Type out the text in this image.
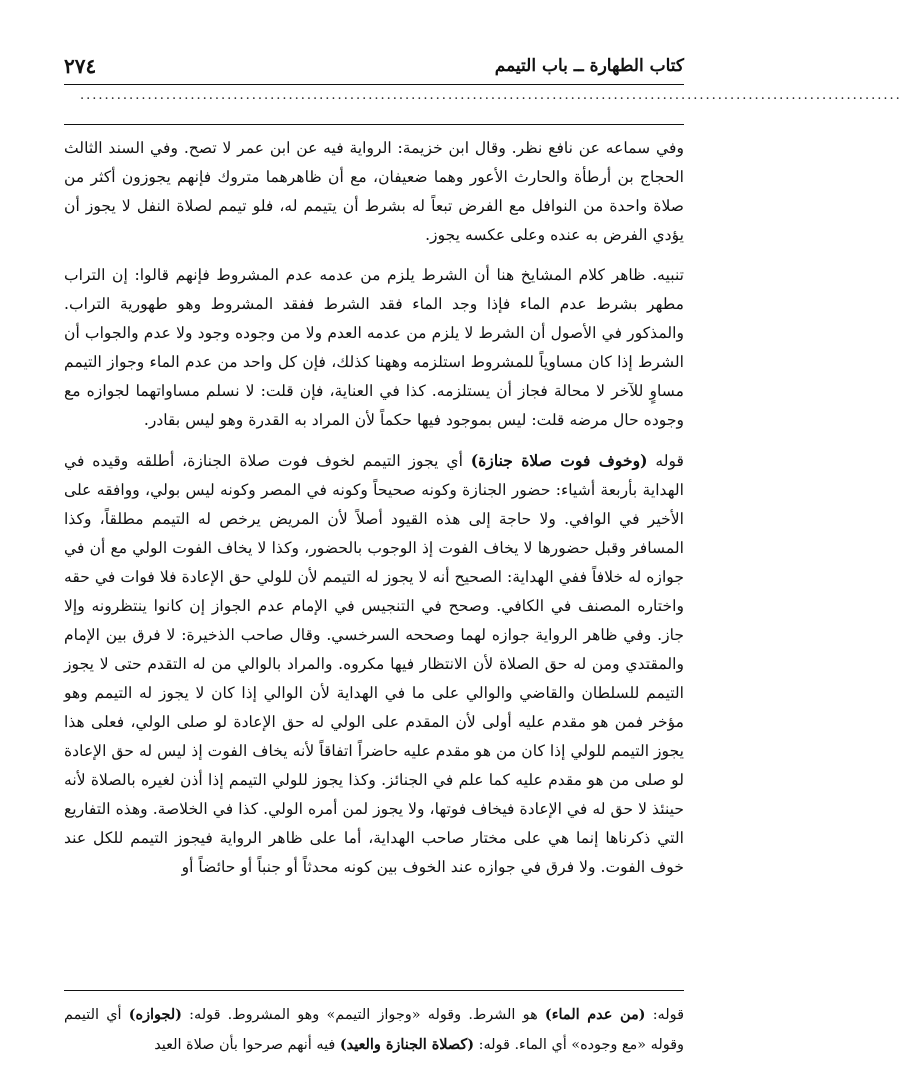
٢٧٤	كتاب الطهارة ــ باب التيمم
......................................................................................................................................

وفي سماعه عن نافع نظر. وقال ابن خزيمة: الرواية فيه عن ابن عمر لا تصح. وفي السند الثالث الحجاج بن أرطأة والحارث الأعور وهما ضعيفان، مع أن ظاهرهما متروك فإنهم يجوزون أكثر من صلاة واحدة من النوافل مع الفرض تبعاً له بشرط أن يتيمم له، فلو تيمم لصلاة النفل لا يجوز أن يؤدي الفرض به عنده وعلى عكسه يجوز.

تنبيه. ظاهر كلام المشايخ هنا أن الشرط يلزم من عدمه عدم المشروط فإنهم قالوا: إن التراب مطهر بشرط عدم الماء فإذا وجد الماء فقد الشرط ففقد المشروط وهو طهورية التراب. والمذكور في الأصول أن الشرط لا يلزم من عدمه العدم ولا من وجوده وجود ولا عدم والجواب أن الشرط إذا كان مساوياً للمشروط استلزمه وههنا كذلك، فإن كل واحد من عدم الماء وجواز التيمم مساوٍ للآخر لا محالة فجاز أن يستلزمه. كذا في العناية، فإن قلت: لا نسلم مساواتهما لجوازه مع وجوده حال مرضه قلت: ليس بموجود فيها حكماً لأن المراد به القدرة وهو ليس بقادر.

قوله (وخوف فوت صلاة جنازة) أي يجوز التيمم لخوف فوت صلاة الجنازة، أطلقه وقيده في الهداية بأربعة أشياء: حضور الجنازة وكونه صحيحاً وكونه في المصر وكونه ليس بولي، ووافقه على الأخير في الوافي. ولا حاجة إلى هذه القيود أصلاً لأن المريض يرخص له التيمم مطلقاً، وكذا المسافر وقبل حضورها لا يخاف الفوت إذ الوجوب بالحضور، وكذا لا يخاف الفوت الولي مع أن في جوازه له خلافاً ففي الهداية: الصحيح أنه لا يجوز له التيمم لأن للولي حق الإعادة فلا فوات في حقه واختاره المصنف في الكافي. وصحح في التنجيس في الإمام عدم الجواز إن كانوا ينتظرونه وإلا جاز. وفي ظاهر الرواية جوازه لهما وصححه السرخسي. وقال صاحب الذخيرة: لا فرق بين الإمام والمقتدي ومن له حق الصلاة لأن الانتظار فيها مكروه. والمراد بالوالي من له التقدم حتى لا يجوز التيمم للسلطان والقاضي والوالي على ما في الهداية لأن الوالي إذا كان لا يجوز له التيمم وهو مؤخر فمن هو مقدم عليه أولى لأن المقدم على الولي له حق الإعادة لو صلى الولي، فعلى هذا يجوز التيمم للولي إذا كان من هو مقدم عليه حاضراً اتفاقاً لأنه يخاف الفوت إذ ليس له حق الإعادة لو صلى من هو مقدم عليه كما علم في الجنائز. وكذا يجوز للولي التيمم إذا أذن لغيره بالصلاة لأنه حينئذ لا حق له في الإعادة فيخاف فوتها، ولا يجوز لمن أمره الولي. كذا في الخلاصة. وهذه التفاريع التي ذكرناها إنما هي على مختار صاحب الهداية، أما على ظاهر الرواية فيجوز التيمم للكل عند خوف الفوت. ولا فرق في جوازه عند الخوف بين كونه محدثاً أو جنباً أو حائضاً أو

قوله: (من عدم الماء) هو الشرط. وقوله «وجواز التيمم» وهو المشروط. قوله: (لجوازه) أي التيمم وقوله «مع وجوده» أي الماء. قوله: (كصلاة الجنازة والعيد) فيه أنهم صرحوا بأن صلاة العيد
